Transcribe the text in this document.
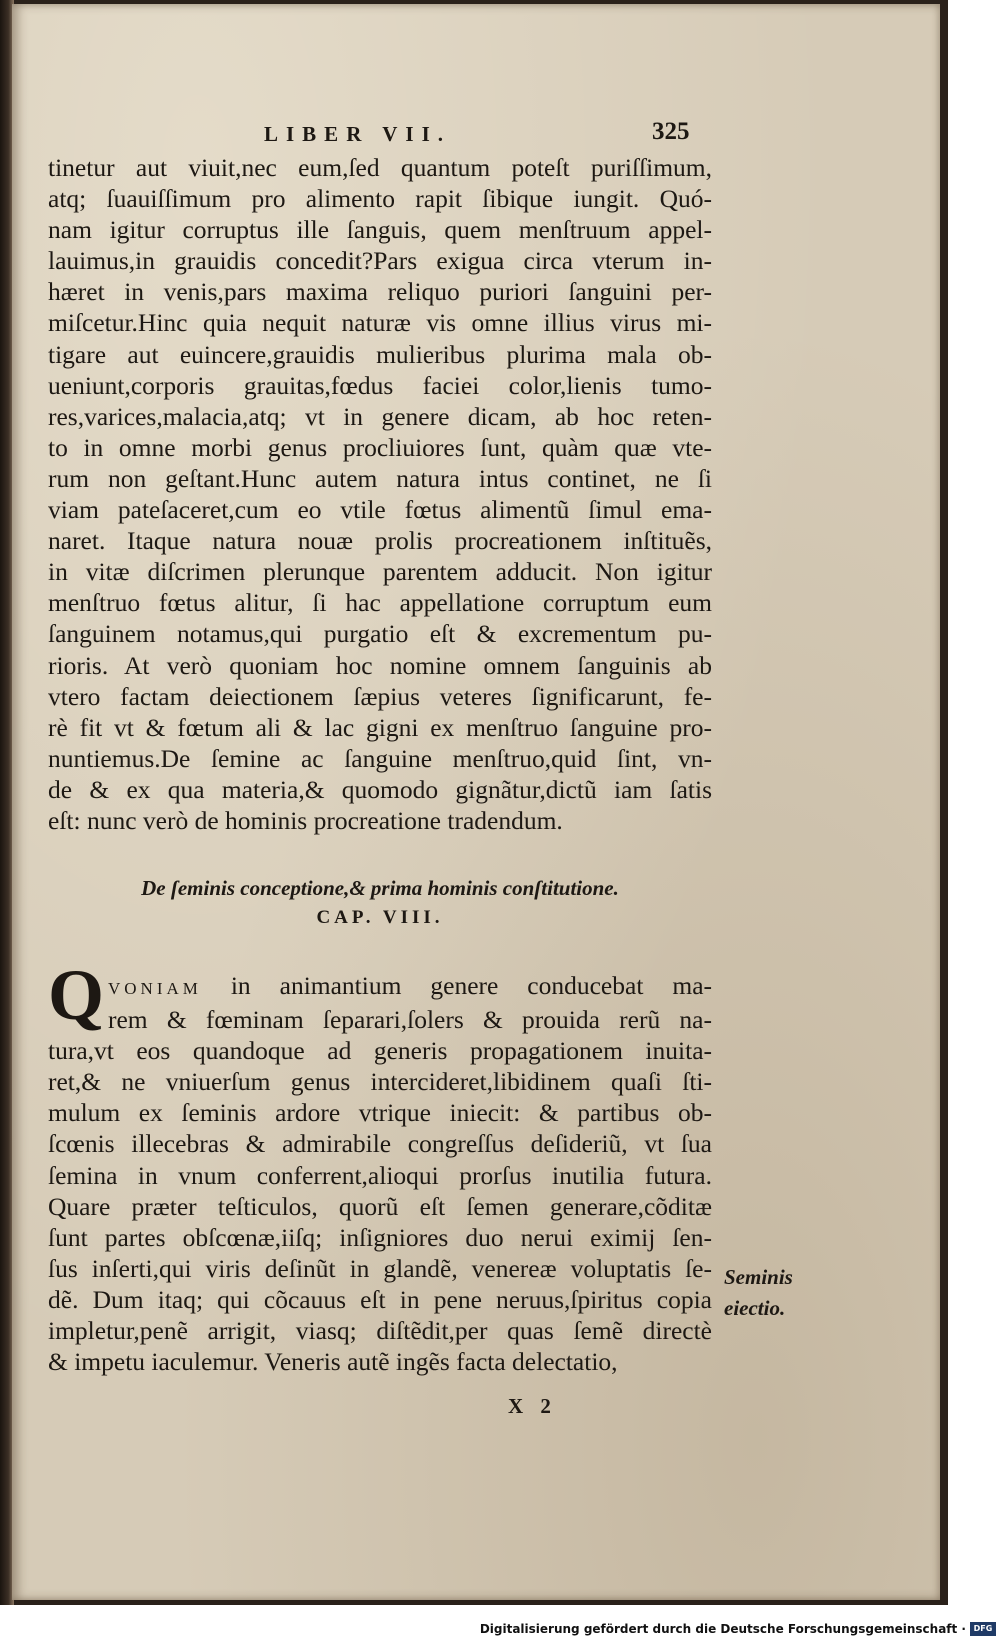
LIBER VII.	325
tinetur aut viuit,nec eum,ſed quantum poteſt puriſſimum,
atq; ſuauiſſimum pro alimento rapit ſibique iungit. Quó-
nam igitur corruptus ille ſanguis, quem menſtruum appel-
lauimus,in grauidis concedit?Pars exigua circa vterum in-
hæret in venis,pars maxima reliquo puriori ſanguini per-
miſcetur.Hinc quia nequit naturæ vis omne illius virus mi-
tigare aut euincere,grauidis mulieribus plurima mala ob-
ueniunt,corporis grauitas,fœdus faciei color,lienis tumo-
res,varices,malacia,atq; vt in genere dicam, ab hoc reten-
to in omne morbi genus procliuiores ſunt, quàm quæ vte-
rum non geſtant.Hunc autem natura intus continet, ne ſi
viam pateſaceret,cum eo vtile fœtus alimentũ ſimul ema-
naret. Itaque natura nouæ prolis procreationem inſtituẽs,
in vitæ diſcrimen plerunque parentem adducit. Non igitur
menſtruo fœtus alitur, ſi hac appellatione corruptum eum
ſanguinem notamus,qui purgatio eſt & excrementum pu-
rioris. At verò quoniam hoc nomine omnem ſanguinis ab
vtero factam deiectionem ſæpius veteres ſignificarunt, fe-
rè fit vt & fœtum ali & lac gigni ex menſtruo ſanguine pro-
nuntiemus.De ſemine ac ſanguine menſtruo,quid ſint, vn-
de & ex qua materia,& quomodo gignãtur,dictũ iam ſatis
eſt: nunc verò de hominis procreatione tradendum.
De ſeminis conceptione,& prima hominis conſtitutione.
CAP. VIII.
Q VONIAM in animantium genere conducebat ma-
rem & fœminam ſeparari,ſolers & prouida rerũ na-
tura,vt eos quandoque ad generis propagationem inuita-
ret,& ne vniuerſum genus intercideret,libidinem quaſi ſti-
mulum ex ſeminis ardore vtrique iniecit: & partibus ob-
ſcœnis illecebras & admirabile congreſſus deſideriũ, vt ſua
ſemina in vnum conferrent,alioqui prorſus inutilia futura.
Quare præter teſticulos, quorũ eſt ſemen generare,cõditæ
ſunt partes obſcœnæ,iiſq; inſigniores duo nerui eximij ſen-
ſus inſerti,qui viris deſinũt in glandẽ, venereæ voluptatis ſe-
dẽ. Dum itaq; qui cõcauus eſt in pene neruus,ſpiritus copia
impletur,penẽ arrigit, viasq; diſtẽdit,per quas ſemẽ directè
& impetu iaculemur. Veneris autẽ ingẽs facta delectatio,
Seminis
eiectio.
X 2
Digitalisierung gefördert durch die Deutsche Forschungsgemeinschaft · DFG
